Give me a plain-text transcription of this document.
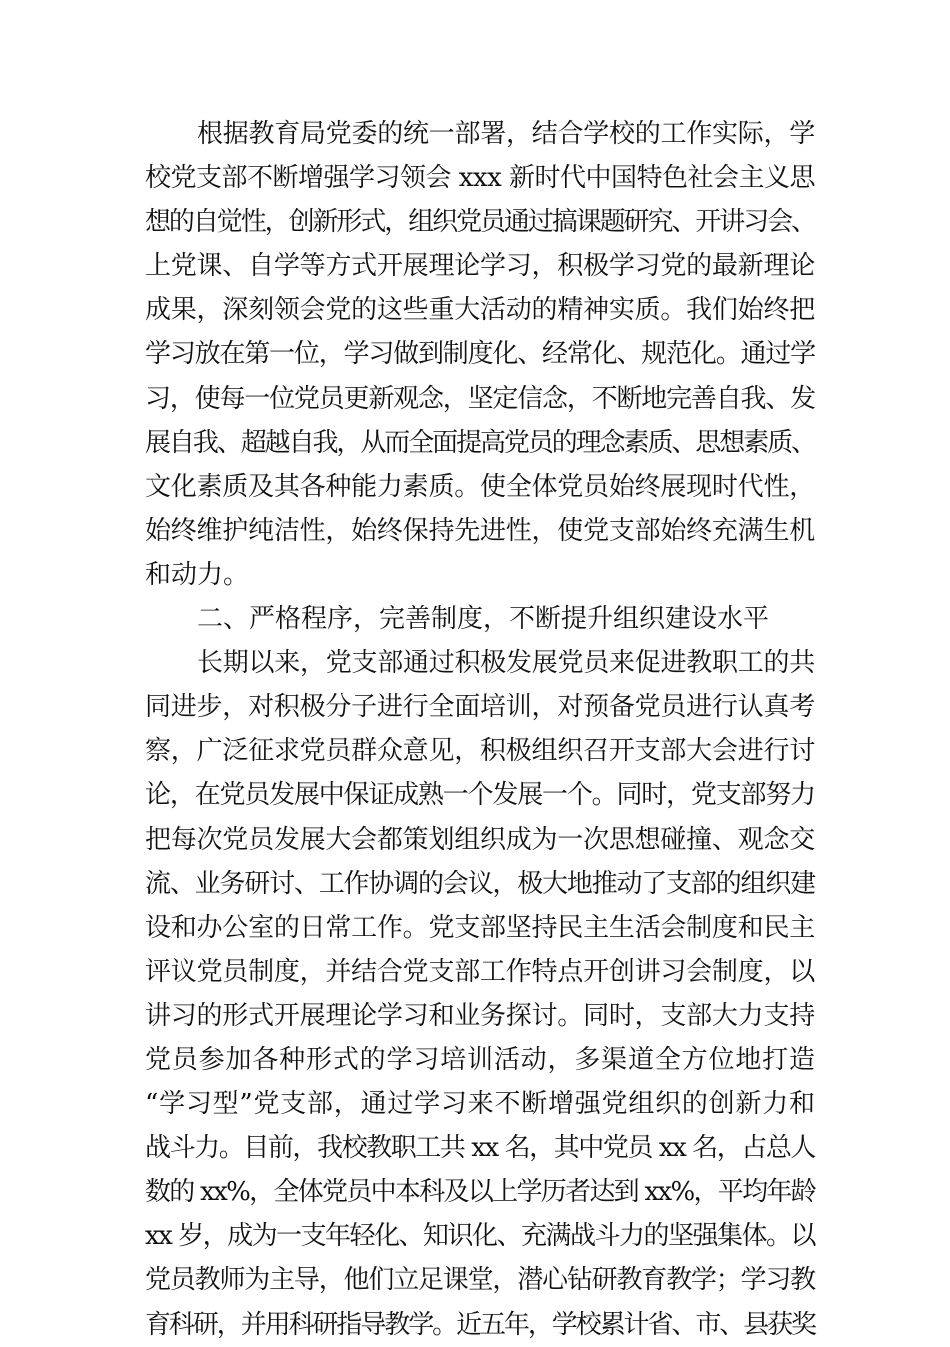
根据教育局党委的统一部署，结合学校的工作实际，学
校党支部不断增强学习领会 xxx 新时代中国特色社会主义思
想的自觉性，创新形式，组织党员通过搞课题研究、开讲习会、
上党课、自学等方式开展理论学习，积极学习党的最新理论
成果，深刻领会党的这些重大活动的精神实质。我们始终把
学习放在第一位，学习做到制度化、经常化、规范化。通过学
习，使每一位党员更新观念，坚定信念，不断地完善自我、发
展自我、超越自我，从而全面提高党员的理念素质、思想素质、
文化素质及其各种能力素质。使全体党员始终展现时代性，
始终维护纯洁性，始终保持先进性，使党支部始终充满生机
和动力。
二、严格程序，完善制度，不断提升组织建设水平
长期以来，党支部通过积极发展党员来促进教职工的共
同进步，对积极分子进行全面培训，对预备党员进行认真考
察，广泛征求党员群众意见，积极组织召开支部大会进行讨
论，在党员发展中保证成熟一个发展一个。同时，党支部努力
把每次党员发展大会都策划组织成为一次思想碰撞、观念交
流、业务研讨、工作协调的会议，极大地推动了支部的组织建
设和办公室的日常工作。党支部坚持民主生活会制度和民主
评议党员制度，并结合党支部工作特点开创讲习会制度，以
讲习的形式开展理论学习和业务探讨。同时，支部大力支持
党员参加各种形式的学习培训活动，多渠道全方位地打造
“学习型”党支部，通过学习来不断增强党组织的创新力和
战斗力。目前，我校教职工共 xx 名，其中党员 xx 名，占总人
数的 xx%，全体党员中本科及以上学历者达到 xx%，平均年龄
xx 岁，成为一支年轻化、知识化、充满战斗力的坚强集体。以
党员教师为主导，他们立足课堂，潜心钻研教育教学；学习教
育科研，并用科研指导教学。近五年，学校累计省、市、县获奖
